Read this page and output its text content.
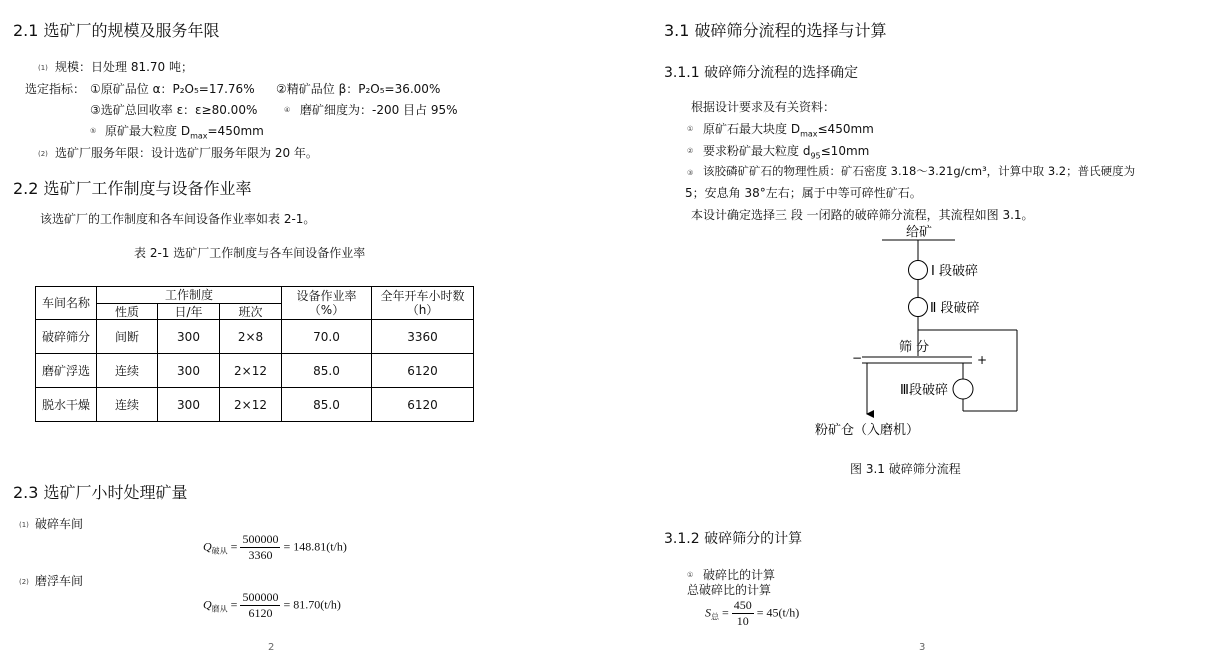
2.1 选矿厂的规模及服务年限
(1) 规模：日处理 81.70 吨；
选定指标： ①原矿品位 α：P₂O₅=17.76% ②精矿品位 β：P₂O₅=36.00%
③选矿总回收率 ε：ε≥80.00%	④ 磨矿细度为：-200 目占 95%
⑤ 原矿最大粒度 $D_{max}=450mm$
(2) 选矿厂服务年限：设计选矿厂服务年限为 20 年。
2.2 选矿厂工作制度与设备作业率
该选矿厂的工作制度和各车间设备作业率如表 2-1。
表 2-1 选矿厂工作制度与各车间设备作业率
车间名称	工作制度			设备作业率（%）	全年开车小时数（h）
	性质	日/年	班次		
破碎筛分	间断	300	2×8	70.0	3360
磨矿浮选	连续	300	2×12	85.0	6120
脱水干燥	连续	300	2×12	85.0	6120
2.3 选矿厂小时处理矿量
(1) 破碎车间
$Q_{破从} = \frac{500000}{3360} = 148.81(t/h)$
(2) 磨浮车间
$Q_{磨从} = \frac{500000}{6120} = 81.70(t/h)$
2
3.1 破碎筛分流程的选择与计算
3.1.1 破碎筛分流程的选择确定
根据设计要求及有关资料：
① 原矿石最大块度 $D_{max}\le 450mm$
② 要求粉矿最大粒度 $d_{95}\le 10mm$
③ 该胶磷矿矿石的物理性质：矿石密度 3.18～3.21g/cm³，计算中取 3.2；普氏硬度为
5；安息角 38°左右；属于中等可碎性矿石。
本设计确定选择三 段 一闭路的破碎筛分流程，其流程如图 3.1。
给矿
Ⅰ 段破碎
Ⅱ 段破碎
筛 分
−	+
Ⅲ段破碎
粉矿仓（入磨机）
图 3.1 破碎筛分流程
3.1.2 破碎筛分的计算
① 破碎比的计算
总破碎比的计算
$S_总 = \frac{450}{10} = 45(t/h)$
3
